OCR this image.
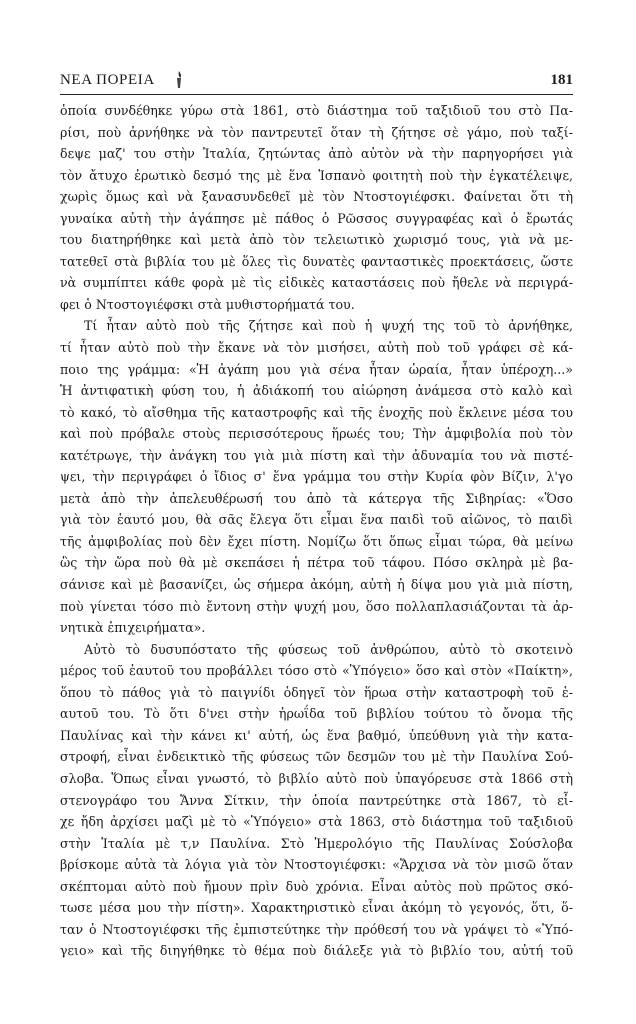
ΝΕΑ ΠΟΡΕΙΑ	181
ὁποία συνδέθηκε γύρω στὰ 1861, στὸ διάστημα τοῦ ταξιδιοῦ του στὸ Πα-
ρίσι, ποὺ ἀρνήθηκε νὰ τὸν παντρευτεῖ ὅταν τὴ ζήτησε σὲ γάμο, ποὺ ταξί-
δεψε μαζ' του στὴν Ἰταλία, ζητώντας ἀπὸ αὐτὸν νὰ τὴν παρηγορήσει γιὰ
τὸν ἄτυχο ἐρωτικὸ δεσμό της μὲ ἕνα Ἱσπανὸ φοιτητὴ ποὺ τὴν ἐγκατέλειψε,
χωρὶς ὅμως καὶ νὰ ξανασυνδεθεῖ μὲ τὸν Ντοστογιέφσκι. Φαίνεται ὅτι τὴ
γυναίκα αὐτὴ τὴν ἀγάπησε μὲ πάθος ὁ Ρῶσσος συγγραφέας καὶ ὁ ἔρωτάς
του διατηρήθηκε καὶ μετὰ ἀπὸ τὸν τελειωτικὸ χωρισμό τους, γιὰ νὰ με-
τατεθεῖ στὰ βιβλία του μὲ ὅλες τὶς δυνατὲς φανταστικὲς προεκτάσεις, ὥστε
νὰ συμπίπτει κάθε φορὰ μὲ τὶς εἰδικὲς καταστάσεις ποὺ ἤθελε νὰ περιγρά-
φει ὁ Ντοστογιέφσκι στὰ μυθιστορήματά του.
Τί ἦταν αὐτὸ ποὺ τῆς ζήτησε καὶ ποὺ ἡ ψυχή της τοῦ τὸ ἀρνήθηκε,
τί ἦταν αὐτὸ ποὺ τὴν ἔκανε νὰ τὸν μισήσει, αὐτὴ ποὺ τοῦ γράφει σὲ κά-
ποιο της γράμμα: «Ἡ ἀγάπη μου γιὰ σένα ἦταν ὡραία, ἦταν ὑπέροχη...»
Ἡ ἀντιφατικὴ φύση του, ἡ ἀδιάκοπή του αἰώρηση ἀνάμεσα στὸ καλὸ καὶ
τὸ κακό, τὸ αἴσθημα τῆς καταστροφῆς καὶ τῆς ἐνοχῆς ποὺ ἔκλεινε μέσα του
καὶ ποὺ πρόβαλε στοὺς περισσότερους ἥρωές του; Τὴν ἀμφιβολία ποὺ τὸν
κατέτρωγε, τὴν ἀνάγκη του γιὰ μιὰ πίστη καὶ τὴν ἀδυναμία του νὰ πιστέ-
ψει, τὴν περιγράφει ὁ ἴδιος σ' ἕνα γράμμα του στὴν Κυρία φὸν Βίζιν, λ'γο
μετὰ ἀπὸ τὴν ἀπελευθέρωσή του ἀπὸ τὰ κάτεργα τῆς Σιβηρίας: «Ὅσο
γιὰ τὸν ἑαυτό μου, θὰ σᾶς ἔλεγα ὅτι εἶμαι ἕνα παιδὶ τοῦ αἰῶνος, τὸ παιδὶ
τῆς ἀμφιβολίας ποὺ δὲν ἔχει πίστη. Νομίζω ὅτι ὅπως εἶμαι τώρα, θὰ μείνω
ὣς τὴν ὥρα ποὺ θὰ μὲ σκεπάσει ἡ πέτρα τοῦ τάφου. Πόσο σκληρὰ μὲ βα-
σάνισε καὶ μὲ βασανίζει, ὡς σήμερα ἀκόμη, αὐτὴ ἡ δίψα μου γιὰ μιὰ πίστη,
ποὺ γίνεται τόσο πιὸ ἔντονη στὴν ψυχή μου, ὅσο πολλαπλασιάζονται τὰ ἀρ-
νητικὰ ἐπιχειρήματα».
Αὐτὸ τὸ δυσυπόστατο τῆς φύσεως τοῦ ἀνθρώπου, αὐτὸ τὸ σκοτεινὸ
μέρος τοῦ ἑαυτοῦ του προβάλλει τόσο στὸ «Ὑπόγειο» ὅσο καὶ στὸν «Παίκτη»,
ὅπου τὸ πάθος γιὰ τὸ παιγνίδι ὁδηγεῖ τὸν ἥρωα στὴν καταστροφὴ τοῦ ἑ-
αυτοῦ του. Τὸ ὅτι δ'νει στὴν ἡρωΐδα τοῦ βιβλίου τούτου τὸ ὄνομα τῆς
Παυλίνας καὶ τὴν κάνει κι' αὐτή, ὡς ἕνα βαθμό, ὑπεύθυνη γιὰ τὴν κατα-
στροφή, εἶναι ἐνδεικτικὸ τῆς φύσεως τῶν δεσμῶν του μὲ τὴν Παυλίνα Σού-
σλοβα. Ὅπως εἶναι γνωστό, τὸ βιβλίο αὐτὸ ποὺ ὑπαγόρευσε στὰ 1866 στὴ
στενογράφο του Ἄννα Σίτκιν, τὴν ὁποία παντρεύτηκε στὰ 1867, τὸ εἶ-
χε ἤδη ἀρχίσει μαζὶ μὲ τὸ «Ὑπόγειο» στὰ 1863, στὸ διάστημα τοῦ ταξιδιοῦ
στὴν Ἰταλία μὲ τ,ν Παυλίνα. Στὸ Ἡμερολόγιο τῆς Παυλίνας Σούσλοβα
βρίσκομε αὐτὰ τὰ λόγια γιὰ τὸν Ντοστογιέφσκι: «Ἄρχισα νὰ τὸν μισῶ ὅταν
σκέπτομαι αὐτὸ ποὺ ἤμουν πρὶν δυὸ χρόνια. Εἶναι αὐτὸς ποὺ πρῶτος σκό-
τωσε μέσα μου τὴν πίστη». Χαρακτηριστικὸ εἶναι ἀκόμη τὸ γεγονός, ὅτι, ὅ-
ταν ὁ Ντοστογιέφσκι τῆς ἐμπιστεύτηκε τὴν πρόθεσή του νὰ γράψει τὸ «Ὑπό-
γειο» καὶ τῆς διηγήθηκε τὸ θέμα ποὺ διάλεξε γιὰ τὸ βιβλίο του, αὐτή τοῦ
